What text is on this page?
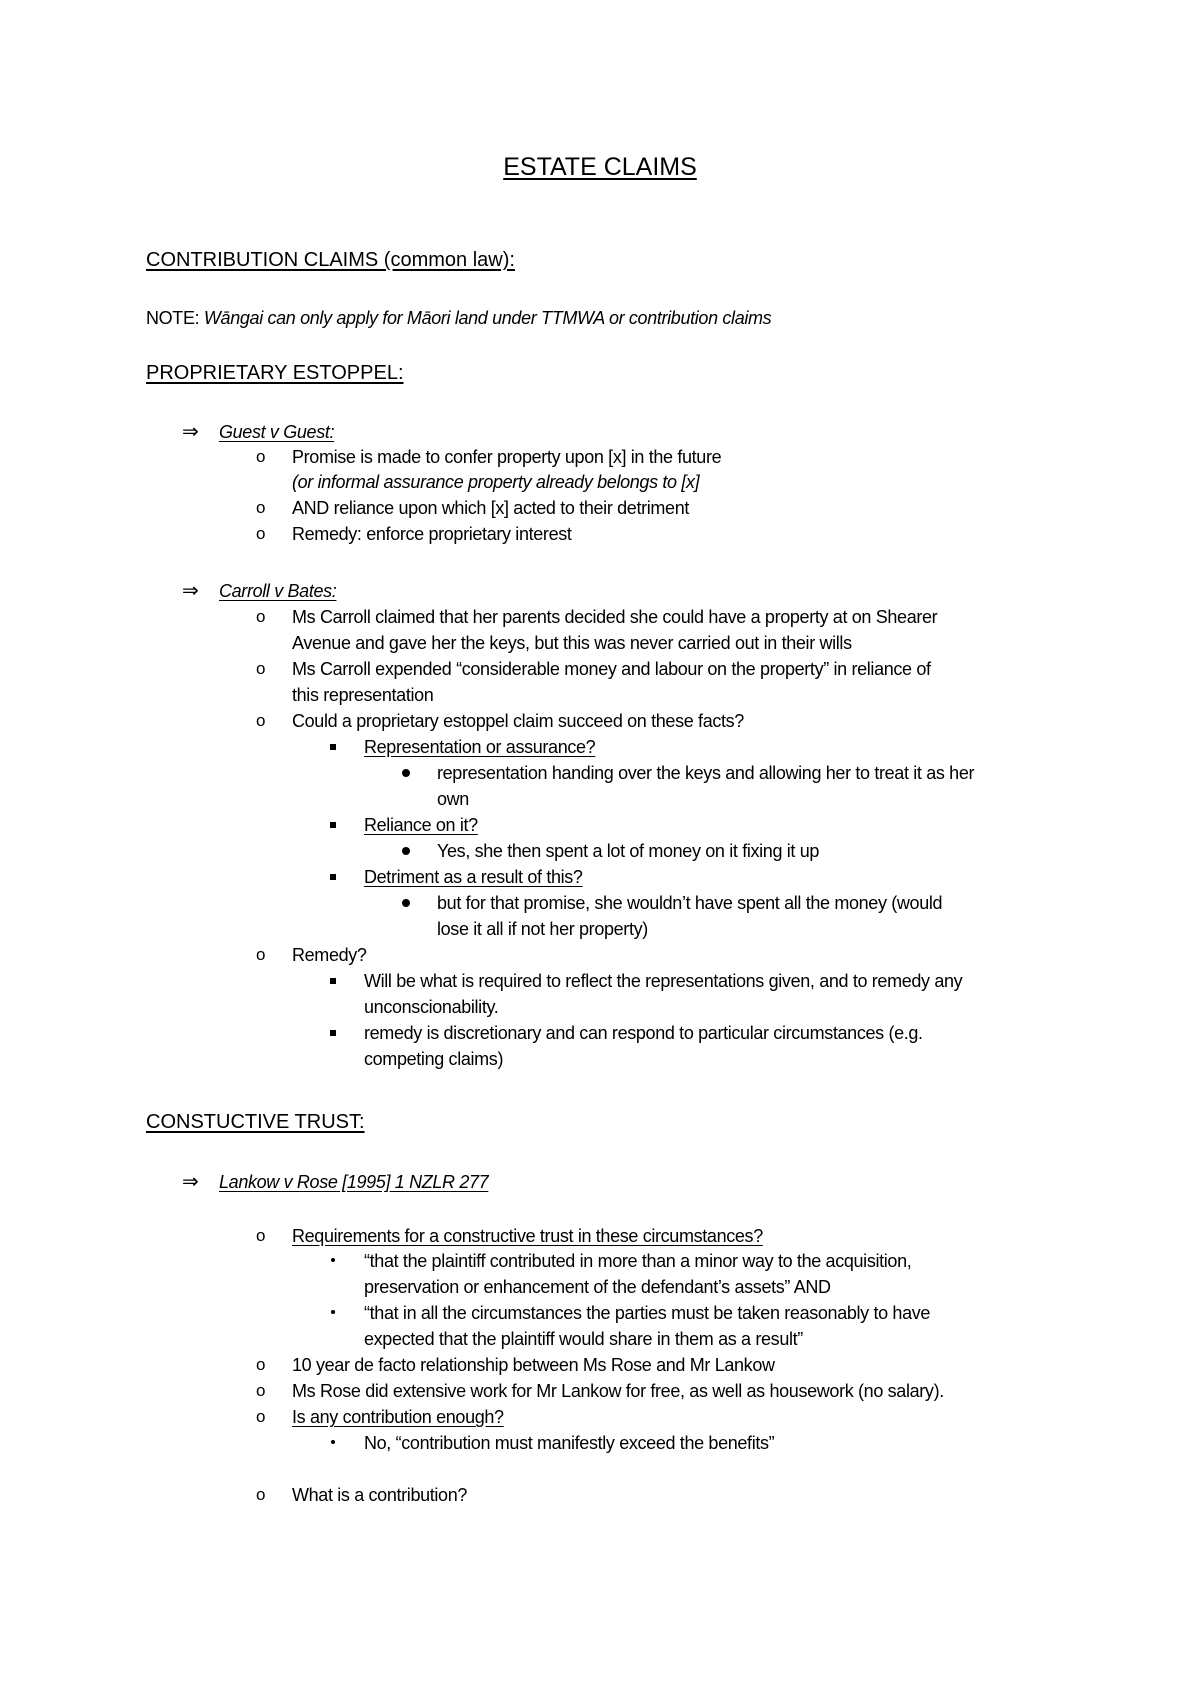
ESTATE CLAIMS
CONTRIBUTION CLAIMS (common law):
NOTE: Wāngai can only apply for Māori land under TTMWA or contribution claims
PROPRIETARY ESTOPPEL:
⇒ Guest v Guest:
o Promise is made to confer property upon [x] in the future
(or informal assurance property already belongs to [x]
o AND reliance upon which [x] acted to their detriment
o Remedy: enforce proprietary interest
⇒ Carroll v Bates:
o Ms Carroll claimed that her parents decided she could have a property at on Shearer
Avenue and gave her the keys, but this was never carried out in their wills
o Ms Carroll expended “considerable money and labour on the property” in reliance of
this representation
o Could a proprietary estoppel claim succeed on these facts?
Representation or assurance?
representation handing over the keys and allowing her to treat it as her
own
Reliance on it?
Yes, she then spent a lot of money on it fixing it up
Detriment as a result of this?
but for that promise, she wouldn’t have spent all the money (would
lose it all if not her property)
o Remedy?
Will be what is required to reflect the representations given, and to remedy any
unconscionability.
remedy is discretionary and can respond to particular circumstances (e.g.
competing claims)
CONSTUCTIVE TRUST:
⇒ Lankow v Rose [1995] 1 NZLR 277
o Requirements for a constructive trust in these circumstances?
“that the plaintiff contributed in more than a minor way to the acquisition,
preservation or enhancement of the defendant’s assets” AND
“that in all the circumstances the parties must be taken reasonably to have
expected that the plaintiff would share in them as a result”
o 10 year de facto relationship between Ms Rose and Mr Lankow
o Ms Rose did extensive work for Mr Lankow for free, as well as housework (no salary).
o Is any contribution enough?
No, “contribution must manifestly exceed the benefits”
o What is a contribution?
